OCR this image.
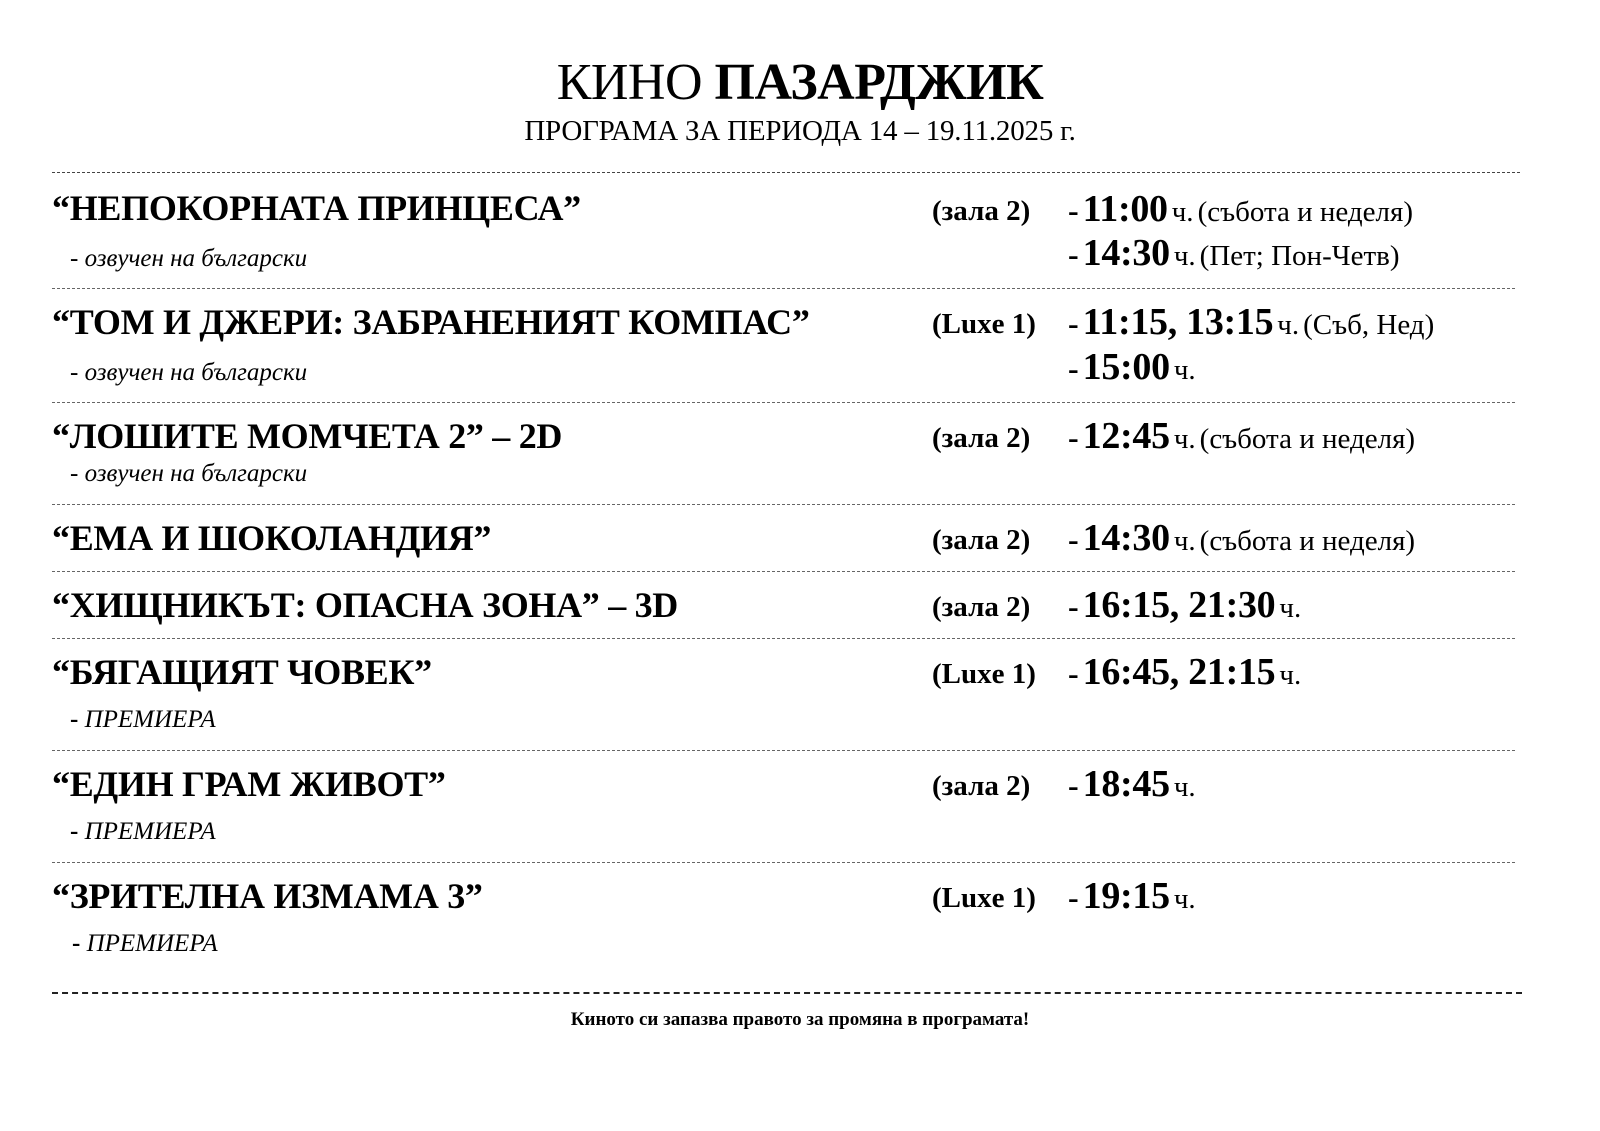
КИНО ПАЗАРДЖИК
ПРОГРАМА ЗА ПЕРИОДА 14 – 19.11.2025 г.
“НЕПОКОРНАТА ПРИНЦЕСА”
- озвучен на български
(зала 2) - 11:00 ч. (събота и неделя)
- 14:30 ч. (Пет; Пон-Четв)
“ТОМ И ДЖЕРИ: ЗАБРАНЕНИЯТ КОМПАС”
- озвучен на български
(Luxe 1) - 11:15, 13:15 ч. (Съб, Нед)
- 15:00 ч.
“ЛОШИТЕ МОМЧЕТА 2” – 2D
- озвучен на български
(зала 2) - 12:45 ч. (събота и неделя)
“ЕМА И ШОКОЛАНДИЯ”	(зала 2) - 14:30 ч. (събота и неделя)
“ХИЩНИКЪТ: ОПАСНА ЗОНА” – 3D	(зала 2) - 16:15, 21:30 ч.
“БЯГАЩИЯТ ЧОВЕК”
- ПРЕМИЕРА
(Luxe 1) - 16:45, 21:15 ч.
“ЕДИН ГРАМ ЖИВОТ”
- ПРЕМИЕРА
(зала 2) - 18:45 ч.
“ЗРИТЕЛНА ИЗМАМА 3”
- ПРЕМИЕРА
(Luxe 1) - 19:15 ч.
Киното си запазва правото за промяна в програмата!
